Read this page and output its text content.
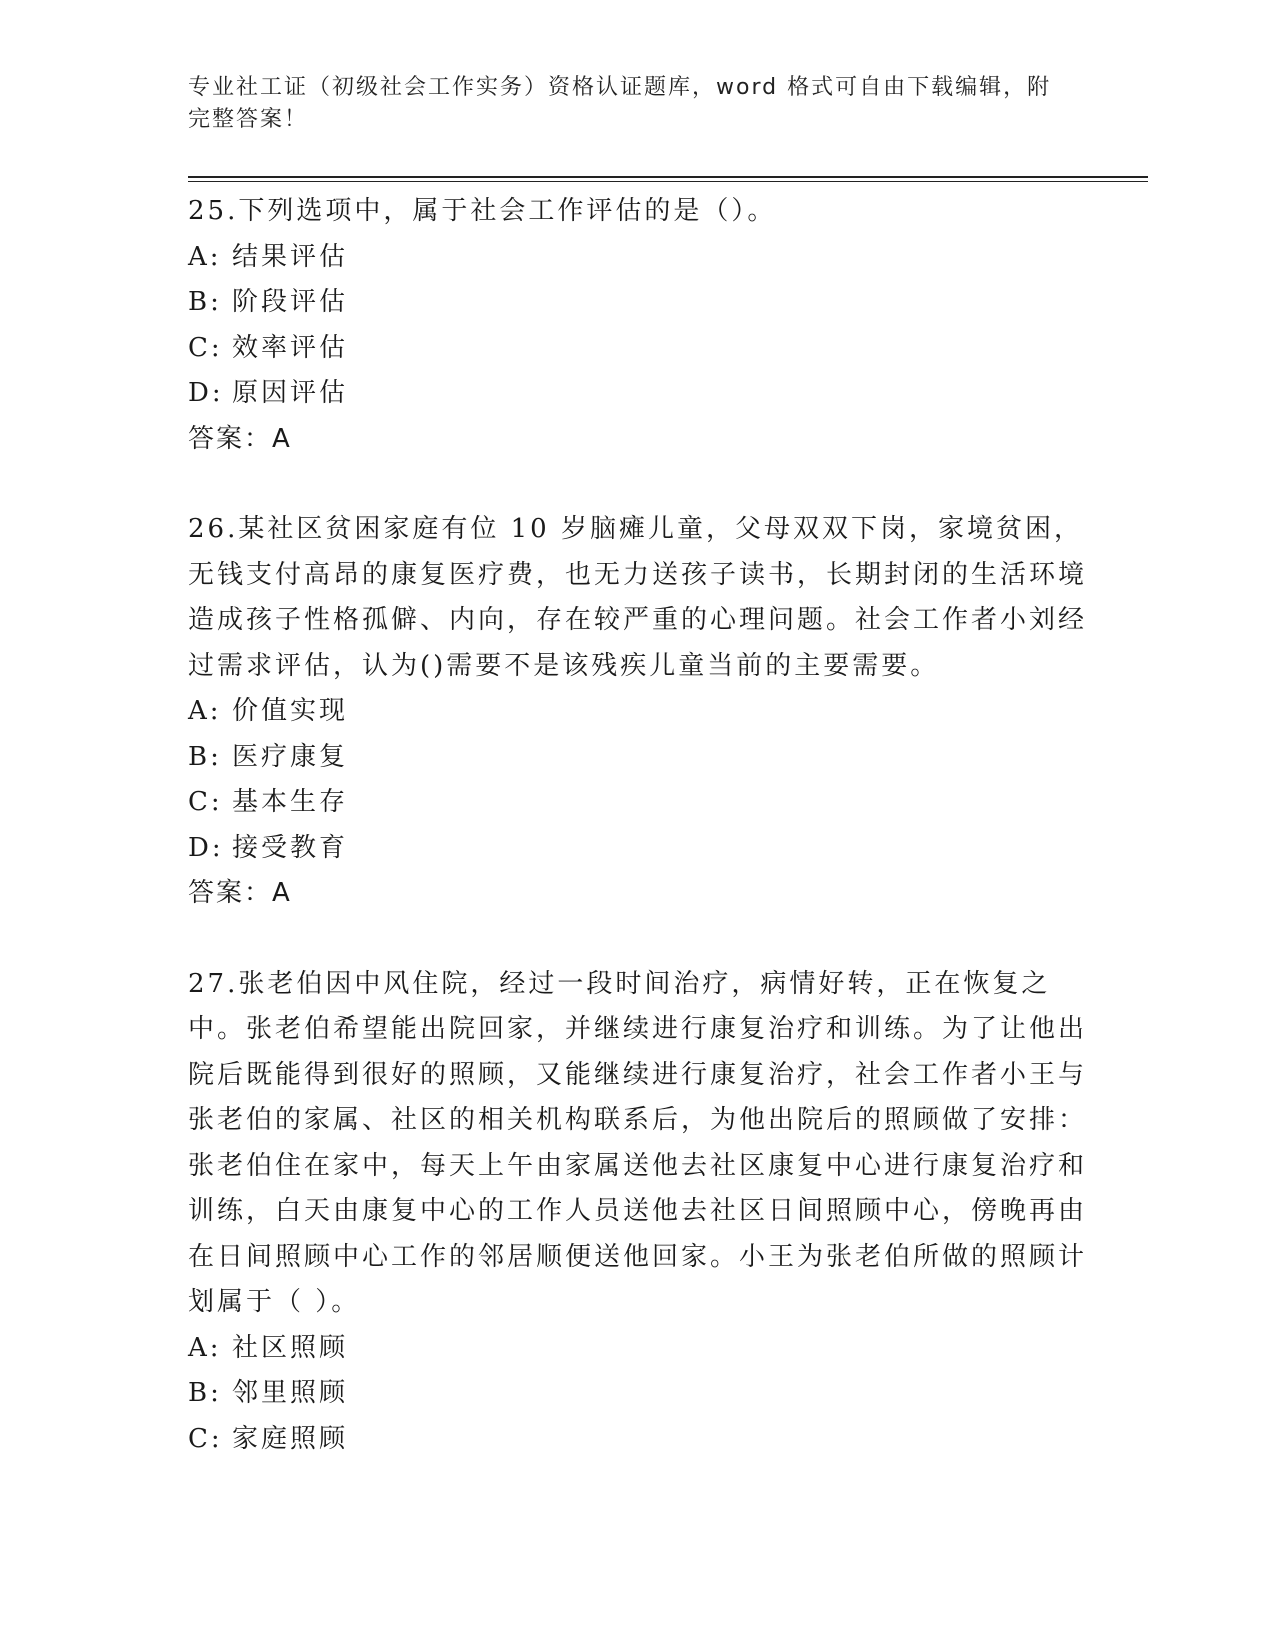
专业社工证（初级社会工作实务）资格认证题库，word 格式可自由下载编辑，附
完整答案！

25.下列选项中，属于社会工作评估的是（）。

A: 结果评估
B: 阶段评估
C: 效率评估
D: 原因评估

答案：A

26.某社区贫困家庭有位 10 岁脑瘫儿童，父母双双下岗，家境贫困，无钱支付高昂的康复医疗费，也无力送孩子读书，长期封闭的生活环境造成孩子性格孤僻、内向，存在较严重的心理问题。社会工作者小刘经过需求评估，认为()需要不是该残疾儿童当前的主要需要。

A: 价值实现
B: 医疗康复
C: 基本生存
D: 接受教育

答案：A

27.张老伯因中风住院，经过一段时间治疗，病情好转，正在恢复之中。张老伯希望能出院回家，并继续进行康复治疗和训练。为了让他出院后既能得到很好的照顾，又能继续进行康复治疗，社会工作者小王与张老伯的家属、社区的相关机构联系后，为他出院后的照顾做了安排：张老伯住在家中，每天上午由家属送他去社区康复中心进行康复治疗和训练，白天由康复中心的工作人员送他去社区日间照顾中心，傍晚再由在日间照顾中心工作的邻居顺便送他回家。小王为张老伯所做的照顾计划属于（ ）。

A: 社区照顾
B: 邻里照顾
C: 家庭照顾
